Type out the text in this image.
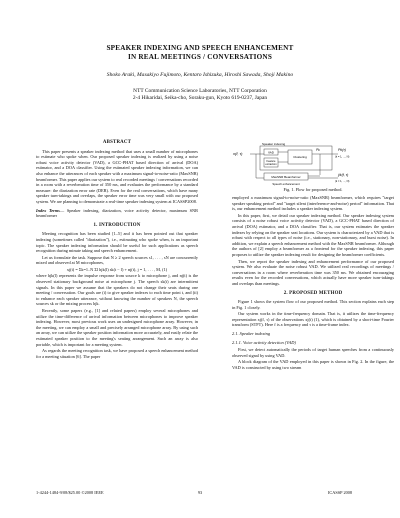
SPEAKER INDEXING AND SPEECH ENHANCEMENT
IN REAL MEETINGS / CONVERSATIONS
Shoko Araki, Masakiyo Fujimoto, Kentaro Ishizuka, Hiroshi Sawada, Shoji Makino
NTT Communication Science Laboratories, NTT Corporation
2-4 Hikaridai, Seika-cho, Soraku-gun, Kyoto 619-0237, Japan
ABSTRACT

This paper presents a speaker indexing method that uses a small number of microphones to estimate who spoke when. Our proposed speaker indexing is realized by using a noise robust voice activity detector (VAD), a GCC-PHAT based direction of arrival (DOA) estimator, and a DOA classifier. Using the estimated speaker indexing information, we can also enhance the utterances of each speaker with a maximum signal-to-noise-ratio (MaxSNR) beamformer. This paper applies our system to real recorded meetings / conversations recorded in a room with a reverberation time of 350 ms, and evaluates the performance by a standard measure: the diarization error rate (DER). Even for the real conversations, which have many speaker turn-takings and overlaps, the speaker error time was very small with our proposed system. We are planning to demonstrate a real-time speaker indexing system at ICASSP2008.

Index Terms— Speaker indexing, diarization, voice activity detector, maximum SNR beamformer

1. INTRODUCTION

Meeting recognition has been studied [1–5] and it has been pointed out that speaker indexing (sometimes called "diarization"), i.e., estimating who spoke when, is an important topic. The speaker indexing information should be useful for such applications as speech recognition during minute taking and speech enhancement.

Let us formulate the task. Suppose that N ≥ 2 speech sources s1, . . . , sN are concurrently mixed and observed at M microphones,

xj(t) = Σk=1..N Σl hjk(l) sk(t − l) + nj(t), j = 1, . . . , M, (1)

where hjk(l) represents the impulse response from source k to microphone j, and nj(t) is the observed stationary background noise at microphone j. The speech sk(t) are intermittent signals. In this paper we assume that the speakers do not change their seats during one meeting / conversation. Our goals are (i) to give speaker indexes to each time point t, and (ii) to enhance each speaker utterance, without knowing the number of speakers N, the speech sources sk or the mixing process hjk.

Recently, some papers (e.g., [1] and related papers) employ several microphones and utilize the time-difference of arrival information between microphones to improve speaker indexing. However, most previous work uses an undesigned microphone array. However, in the meeting, we can employ a small and precisely arranged microphone array. By using such an array, we can utilize the speaker position information more accurately, and easily relate the estimated speaker position to the meeting's seating arrangement. Such an array is also portable, which is important for a meeting system.

As regards the meeting recognition task, we have proposed a speech enhancement method for a meeting situation [6]. The paper

Speaker indexing
x(f, τ)	VAD
Feature
extraction
Clustering
Pk
MaxSNR Beamformer
Speech enhancement
Pk(τ)
(k = 1, ..., N)
ŷk(f, τ)
(k = 1, ..., N)
Fig. 1. Flow for proposed method.

employed a maximum signal-to-noise-ratio (MaxSNR) beamformer, which requires "target speaker speaking period" and "target silent (interference-and-noise) period" information. That is, our enhancement method includes a speaker indexing system.

In this paper, first, we detail our speaker indexing method. Our speaker indexing system consists of a noise robust voice activity detector (VAD), a GCC-PHAT based direction of arrival (DOA) estimator, and a DOA classifier. That is, our system estimates the speaker indexes by relying on the speaker seat locations. Our system is characterized by a VAD that is robust with respect to all types of noise (i.e., stationary, non-stationary, and burst noise). In addition, we explain a speech enhancement method with the MaxSNR beamformer. Although the authors of [2] employ a beamformer as a frontend for the speaker indexing, this paper proposes to utilize the speaker indexing result for designing the beamformer coefficients.

Then, we report the speaker indexing and enhancement performance of our proposed system. We also evaluate the noise robust VAD. We utilized real recordings of meetings / conversations in a room where reverberation time was 350 ms. We obtained encouraging results even for the recorded conversations, which actually have more speaker turn-takings and overlaps than meetings.

2. PROPOSED METHOD

Figure 1 shows the system flow of our proposed method. This section explains each step in Fig. 1 closely.

Our system works in the time-frequency domain. That is, it utilizes the time-frequency representation xj(f, τ) of the observations xj(t) (1), which is obtained by a short-time Fourier transform (STFT). Here f is a frequency and τ is a time-frame index.

2.1. Speaker indexing
2.1.1. Voice activity detection (VAD)

First, we detect automatically the periods of target human speeches from a continuously observed signal by using VAD.

A block diagram of the VAD employed in this paper is shown in Fig. 2. In the figure, the VAD is constructed by using two stream

1-4244-1484-9/08/$25.00 ©2008 IEEE	93	ICASSP 2008
